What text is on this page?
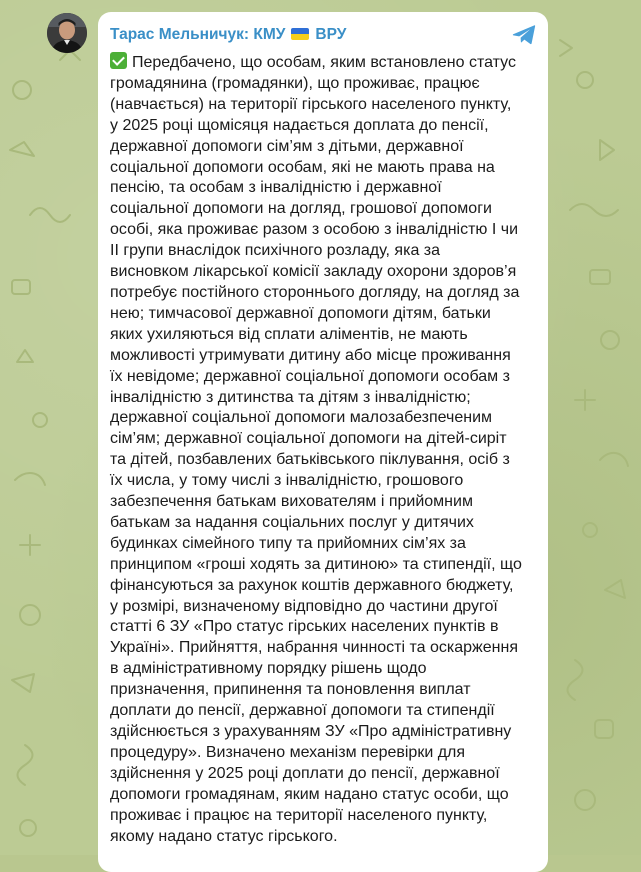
Тарас Мельничук: КМУ ВРУ
Передбачено, що особам, яким встановлено статус
громадянина (громадянки), що проживає, працює
(навчається) на території гірського населеного пункту,
у 2025 році щомісяця надається доплата до пенсії,
державної допомоги сім’ям з дітьми, державної
соціальної допомоги особам, які не мають права на
пенсію, та особам з інвалідністю і державної
соціальної допомоги на догляд, грошової допомоги
особі, яка проживає разом з особою з інвалідністю I чи
II групи внаслідок психічного розладу, яка за
висновком лікарської комісії закладу охорони здоров’я
потребує постійного стороннього догляду, на догляд за
нею; тимчасової державної допомоги дітям, батьки
яких ухиляються від сплати аліментів, не мають
можливості утримувати дитину або місце проживання
їх невідоме; державної соціальної допомоги особам з
інвалідністю з дитинства та дітям з інвалідністю;
державної соціальної допомоги малозабезпеченим
сім’ям; державної соціальної допомоги на дітей-сиріт
та дітей, позбавлених батьківського піклування, осіб з
їх числа, у тому числі з інвалідністю, грошового
забезпечення батькам вихователям і прийомним
батькам за надання соціальних послуг у дитячих
будинках сімейного типу та прийомних сім’ях за
принципом «гроші ходять за дитиною» та стипендії, що
фінансуються за рахунок коштів державного бюджету,
у розмірі, визначеному відповідно до частини другої
статті 6 ЗУ «Про статус гірських населених пунктів в
Україні». Прийняття, набрання чинності та оскарження
в адміністративному порядку рішень щодо
призначення, припинення та поновлення виплат
доплати до пенсії, державної допомоги та стипендії
здійснюється з урахуванням ЗУ «Про адміністративну
процедуру». Визначено механізм перевірки для
здійснення у 2025 році доплати до пенсії, державної
допомоги громадянам, яким надано статус особи, що
проживає і працює на території населеного пункту,
якому надано статус гірського.
